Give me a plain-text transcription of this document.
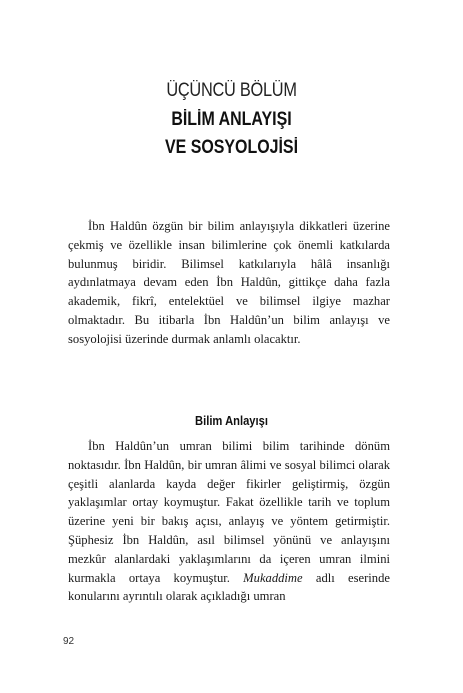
ÜÇÜNCÜ BÖLÜM
BİLİM ANLAYIŞI
VE SOSYOLOJİSİ

İbn Haldûn özgün bir bilim anlayışıyla dikkatleri üzerine çekmiş ve özellikle insan bilimlerine çok önemli katkılarda bulunmuş biridir. Bilimsel katkılarıyla hâlâ insanlığı aydınlatmaya devam eden İbn Haldûn, gittikçe daha fazla akademik, fikrî, entelektüel ve bilimsel ilgiye mazhar olmaktadır. Bu itibarla İbn Haldûn’un bilim anlayışı ve sosyolojisi üzerinde durmak anlamlı olacaktır.

Bilim Anlayışı

İbn Haldûn’un umran bilimi bilim tarihinde dönüm noktasıdır. İbn Haldûn, bir umran âlimi ve sosyal bilimci olarak çeşitli alanlarda kayda değer fikirler geliştirmiş, özgün yaklaşımlar ortay koymuştur. Fakat özellikle tarih ve toplum üzerine yeni bir bakış açısı, anlayış ve yöntem getirmiştir. Şüphesiz İbn Haldûn, asıl bilimsel yönünü ve anlayışını mezkûr alanlardaki yaklaşımlarını da içeren umran ilmini kurmakla ortaya koymuştur. Mukaddime adlı eserinde konularını ayrıntılı olarak açıkladığı umran

92
